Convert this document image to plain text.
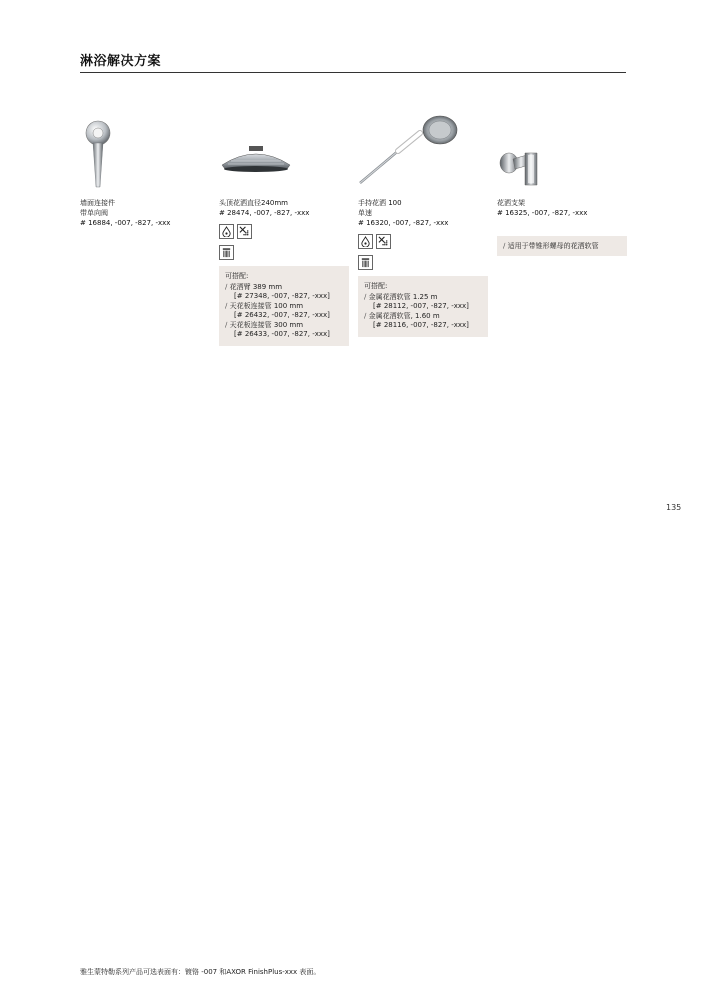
淋浴解决方案
墙面连接件
带单向阀
# 16884, -007, -827, -xxx
头顶花洒直径240mm
# 28474, -007, -827, -xxx
可搭配:
∕ 花洒臂 389 mm
[# 27348, -007, -827, -xxx]
∕ 天花板连接管 100 mm
[# 26432, -007, -827, -xxx]
∕ 天花板连接管 300 mm
[# 26433, -007, -827, -xxx]
手持花洒 100
单速
# 16320, -007, -827, -xxx
可搭配:
∕ 金属花洒软管 1.25 m
[# 28112, -007, -827, -xxx]
∕ 金属花洒软管, 1.60 m
[# 28116, -007, -827, -xxx]
花洒支架
# 16325, -007, -827, -xxx
∕ 适用于带锥形螺母的花洒软管
135
雅生蒙特勒系列产品可选表面有：镀铬 -007 和AXOR FinishPlus-xxx 表面。
